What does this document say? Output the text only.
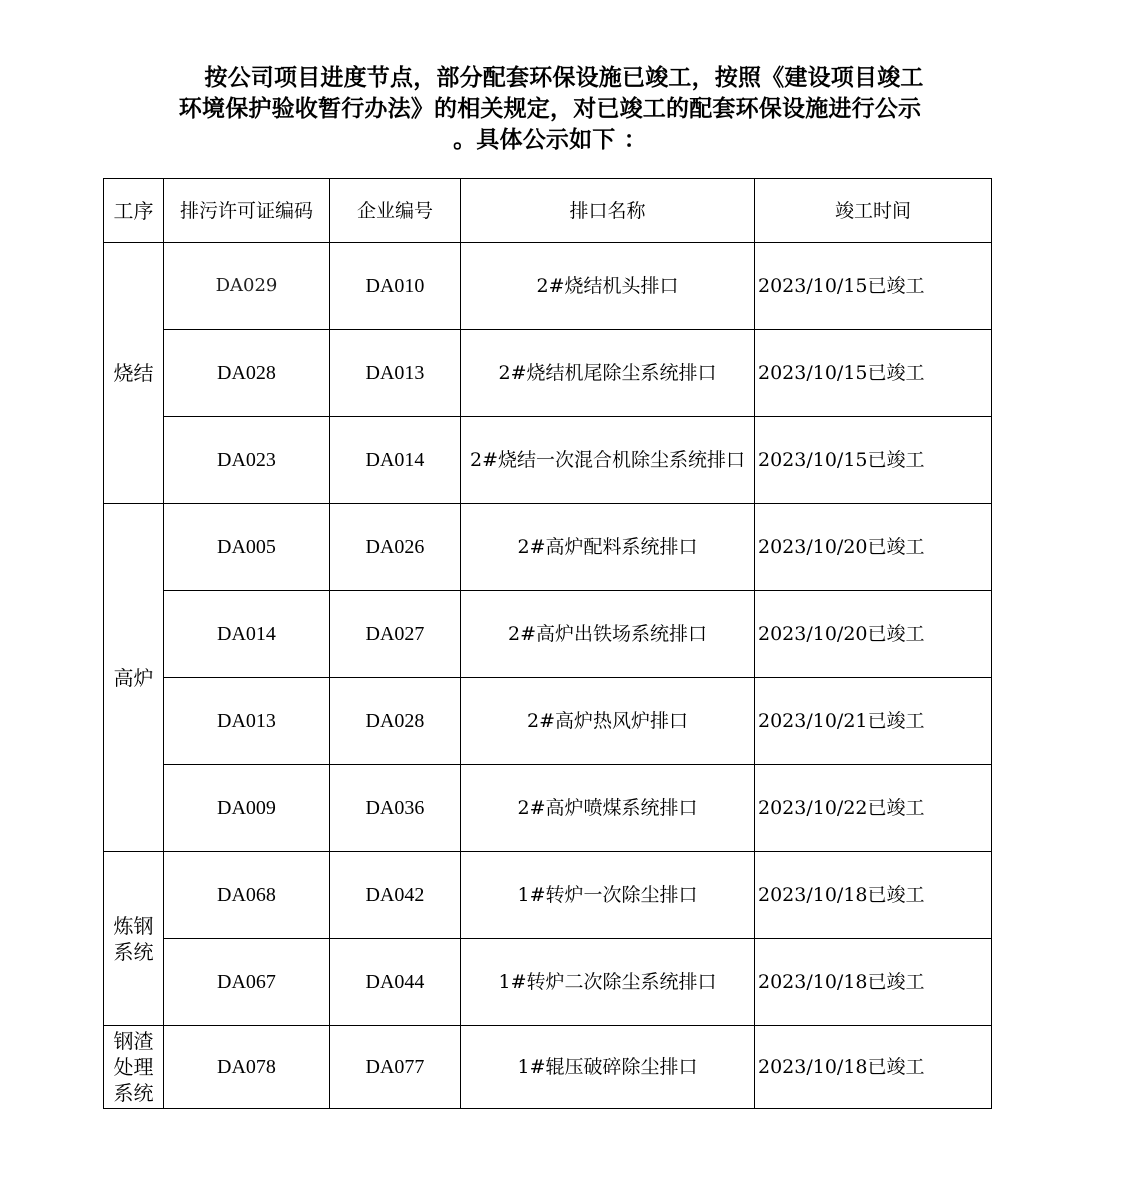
按公司项目进度节点，部分配套环保设施已竣工，按照《建设项目竣工
环境保护验收暂行办法》的相关规定，对已竣工的配套环保设施进行公示
。具体公示如下 ：
工序	排污许可证编码	企业编号	排口名称	竣工时间
烧结	DA029	DA010	2#烧结机头排口	2023/10/15已竣工
	DA028	DA013	2#烧结机尾除尘系统排口	2023/10/15已竣工
	DA023	DA014	2#烧结一次混合机除尘系统排口	2023/10/15已竣工
高炉	DA005	DA026	2#高炉配料系统排口	2023/10/20已竣工
	DA014	DA027	2#高炉出铁场系统排口	2023/10/20已竣工
	DA013	DA028	2#高炉热风炉排口	2023/10/21已竣工
	DA009	DA036	2#高炉喷煤系统排口	2023/10/22已竣工
炼钢系统	DA068	DA042	1#转炉一次除尘排口	2023/10/18已竣工
	DA067	DA044	1#转炉二次除尘系统排口	2023/10/18已竣工
钢渣处理系统	DA078	DA077	1#辊压破碎除尘排口	2023/10/18已竣工
